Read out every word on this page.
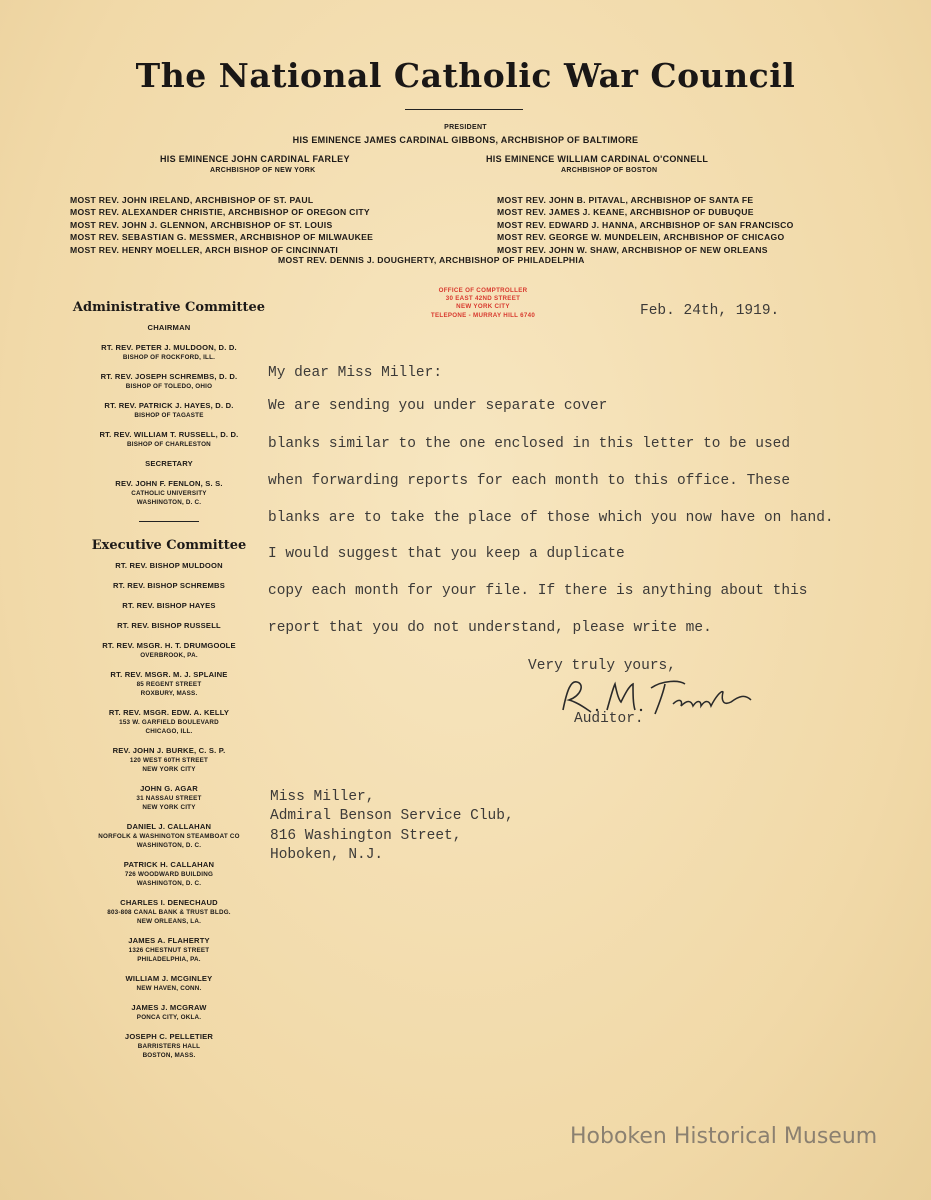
The National Catholic War Council
PRESIDENT
HIS EMINENCE JAMES CARDINAL GIBBONS, ARCHBISHOP OF BALTIMORE
HIS EMINENCE JOHN CARDINAL FARLEY
ARCHBISHOP OF NEW YORK
HIS EMINENCE WILLIAM CARDINAL O'CONNELL
ARCHBISHOP OF BOSTON
MOST REV. JOHN IRELAND, ARCHBISHOP OF ST. PAUL
MOST REV. ALEXANDER CHRISTIE, ARCHBISHOP OF OREGON CITY
MOST REV. JOHN J. GLENNON, ARCHBISHOP OF ST. LOUIS
MOST REV. SEBASTIAN G. MESSMER, ARCHBISHOP OF MILWAUKEE
MOST REV. HENRY MOELLER, ARCH BISHOP OF CINCINNATI
MOST REV. JOHN B. PITAVAL, ARCHBISHOP OF SANTA FE
MOST REV. JAMES J. KEANE, ARCHBISHOP OF DUBUQUE
MOST REV. EDWARD J. HANNA, ARCHBISHOP OF SAN FRANCISCO
MOST REV. GEORGE W. MUNDELEIN, ARCHBISHOP OF CHICAGO
MOST REV. JOHN W. SHAW, ARCHBISHOP OF NEW ORLEANS
MOST REV. DENNIS J. DOUGHERTY, ARCHBISHOP OF PHILADELPHIA
OFFICE OF COMPTROLLER
30 EAST 42ND STREET
NEW YORK CITY
TELEPONE - MURRAY HILL 6740
Administrative Committee
CHAIRMAN
RT. REV. PETER J. MULDOON, D. D.
BISHOP OF ROCKFORD, ILL.
RT. REV. JOSEPH SCHREMBS, D. D.
BISHOP OF TOLEDO, OHIO
RT. REV. PATRICK J. HAYES, D. D.
BISHOP OF TAGASTE
RT. REV. WILLIAM T. RUSSELL, D. D.
BISHOP OF CHARLESTON
SECRETARY
REV. JOHN F. FENLON, S. S.
CATHOLIC UNIVERSITY
WASHINGTON, D. C.
Executive Committee
RT. REV. BISHOP MULDOON
RT. REV. BISHOP SCHREMBS
RT. REV. BISHOP HAYES
RT. REV. BISHOP RUSSELL
RT. REV. MSGR. H. T. DRUMGOOLE
OVERBROOK, PA.
RT. REV. MSGR. M. J. SPLAINE
85 REGENT STREET
ROXBURY, MASS.
RT. REV. MSGR. EDW. A. KELLY
153 W. GARFIELD BOULEVARD
CHICAGO, ILL.
REV. JOHN J. BURKE, C. S. P.
120 WEST 60TH STREET
NEW YORK CITY
JOHN G. AGAR
31 NASSAU STREET
NEW YORK CITY
DANIEL J. CALLAHAN
NORFOLK & WASHINGTON STEAMBOAT CO
WASHINGTON, D. C.
PATRICK H. CALLAHAN
726 WOODWARD BUILDING
WASHINGTON, D. C.
CHARLES I. DENECHAUD
803-808 CANAL BANK & TRUST BLDG.
NEW ORLEANS, LA.
JAMES A. FLAHERTY
1326 CHESTNUT STREET
PHILADELPHIA, PA.
WILLIAM J. MCGINLEY
NEW HAVEN, CONN.
JAMES J. MCGRAW
PONCA CITY, OKLA.
JOSEPH C. PELLETIER
BARRISTERS HALL
BOSTON, MASS.
Feb. 24th, 1919.
My dear Miss Miller:
We are sending you under separate cover
blanks similar to the one enclosed in this letter to be used
when forwarding reports for each month to this office. These
blanks are to take the place of those which you now have on hand.
I would suggest that you keep a duplicate
copy each month for your file. If there is anything about this
report that you do not understand, please write me.
Very truly yours,
Auditor.
Miss Miller,
Admiral Benson Service Club,
816 Washington Street,
Hoboken, N.J.
Hoboken Historical Museum
